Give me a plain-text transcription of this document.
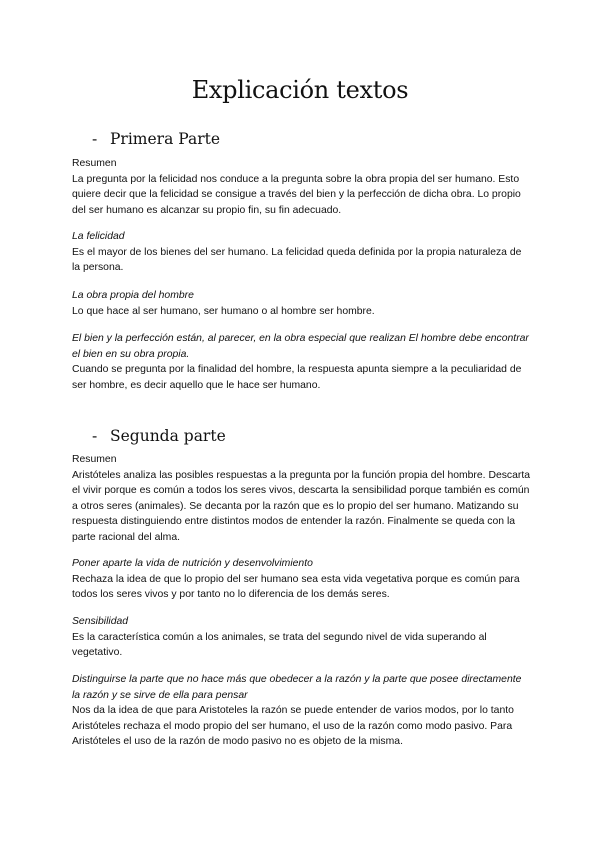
Explicación textos
- Primera Parte

Resumen

La pregunta por la felicidad nos conduce a la pregunta sobre la obra propia del ser humano. Esto quiere decir que la felicidad se consigue a través del bien y la perfección de dicha obra. Lo propio del ser humano es alcanzar su propio fin, su fin adecuado.

La felicidad

Es el mayor de los bienes del ser humano. La felicidad queda definida por la propia naturaleza de la persona.

La obra propia del hombre

Lo que hace al ser humano, ser humano o al hombre ser hombre.

El bien y la perfección están, al parecer, en la obra especial que realizan El hombre debe encontrar el bien en su obra propia.

Cuando se pregunta por la finalidad del hombre, la respuesta apunta siempre a la peculiaridad de ser hombre, es decir aquello que le hace ser humano.

- Segunda parte

Resumen

Aristóteles analiza las posibles respuestas a la pregunta por la función propia del hombre. Descarta el vivir porque es común a todos los seres vivos, descarta la sensibilidad porque también es común a otros seres (animales). Se decanta por la razón que es lo propio del ser humano. Matizando su respuesta distinguiendo entre distintos modos de entender la razón. Finalmente se queda con la parte racional del alma.

Poner aparte la vida de nutrición y desenvolvimiento

Rechaza la idea de que lo propio del ser humano sea esta vida vegetativa porque es común para todos los seres vivos y por tanto no lo diferencia de los demás seres.

Sensibilidad

Es la característica común a los animales, se trata del segundo nivel de vida superando al vegetativo.

Distinguirse la parte que no hace más que obedecer a la razón y la parte que posee directamente la razón y se sirve de ella para pensar

Nos da la idea de que para Aristoteles la razón se puede entender de varios modos, por lo tanto Aristóteles rechaza el modo propio del ser humano, el uso de la razón como modo pasivo. Para Aristóteles el uso de la razón de modo pasivo no es objeto de la misma.
